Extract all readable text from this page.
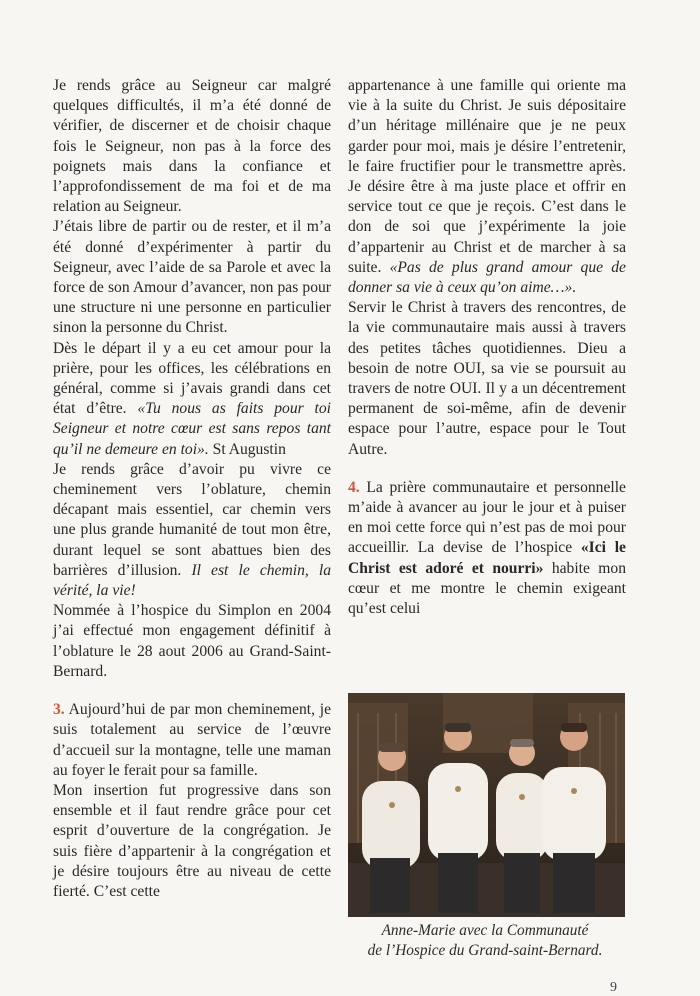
Je rends grâce au Seigneur car malgré quelques difficultés, il m’a été donné de vérifier, de discerner et de choisir chaque fois le Seigneur, non pas à la force des poignets mais dans la confiance et l’approfondissement de ma foi et de ma relation au Seigneur.

J’étais libre de partir ou de rester, et il m’a été donné d’expérimenter à partir du Seigneur, avec l’aide de sa Parole et avec la force de son Amour d’avancer, non pas pour une structure ni une personne en particulier sinon la personne du Christ.

Dès le départ il y a eu cet amour pour la prière, pour les offices, les célébrations en général, comme si j’avais grandi dans cet état d’être. «Tu nous as faits pour toi Seigneur et notre cœur est sans repos tant qu’il ne demeure en toi». St Augustin

Je rends grâce d’avoir pu vivre ce cheminement vers l’oblature, chemin décapant mais essentiel, car chemin vers une plus grande humanité de tout mon être, durant lequel se sont abattues bien des barrières d’illusion. Il est le chemin, la vérité, la vie!

Nommée à l’hospice du Simplon en 2004 j’ai effectué mon engagement définitif à l’oblature le 28 aout 2006 au Grand-Saint-Bernard.

3. Aujourd’hui de par mon cheminement, je suis totalement au service de l’œuvre d’accueil sur la montagne, telle une maman au foyer le ferait pour sa famille.

Mon insertion fut progressive dans son ensemble et il faut rendre grâce pour cet esprit d’ouverture de la congrégation. Je suis fière d’appartenir à la congrégation et je désire toujours être au niveau de cette fierté. C’est cette

appartenance à une famille qui oriente ma vie à la suite du Christ. Je suis dépositaire d’un héritage millénaire que je ne peux garder pour moi, mais je désire l’entretenir, le faire fructifier pour le transmettre après. Je désire être à ma juste place et offrir en service tout ce que je reçois. C’est dans le don de soi que j’expérimente la joie d’appartenir au Christ et de marcher à sa suite. «Pas de plus grand amour que de donner sa vie à ceux qu’on aime…».

Servir le Christ à travers des rencontres, de la vie communautaire mais aussi à travers des petites tâches quotidiennes. Dieu a besoin de notre OUI, sa vie se poursuit au travers de notre OUI. Il y a un décentrement permanent de soi-même, afin de devenir espace pour l’autre, espace pour le Tout Autre.

4. La prière communautaire et personnelle m’aide à avancer au jour le jour et à puiser en moi cette force qui n’est pas de moi pour accueillir. La devise de l’hospice «Ici le Christ est adoré et nourri» habite mon cœur et me montre le chemin exigeant qu’est celui

Anne-Marie avec la Communauté
de l’Hospice du Grand-saint-Bernard.
9
